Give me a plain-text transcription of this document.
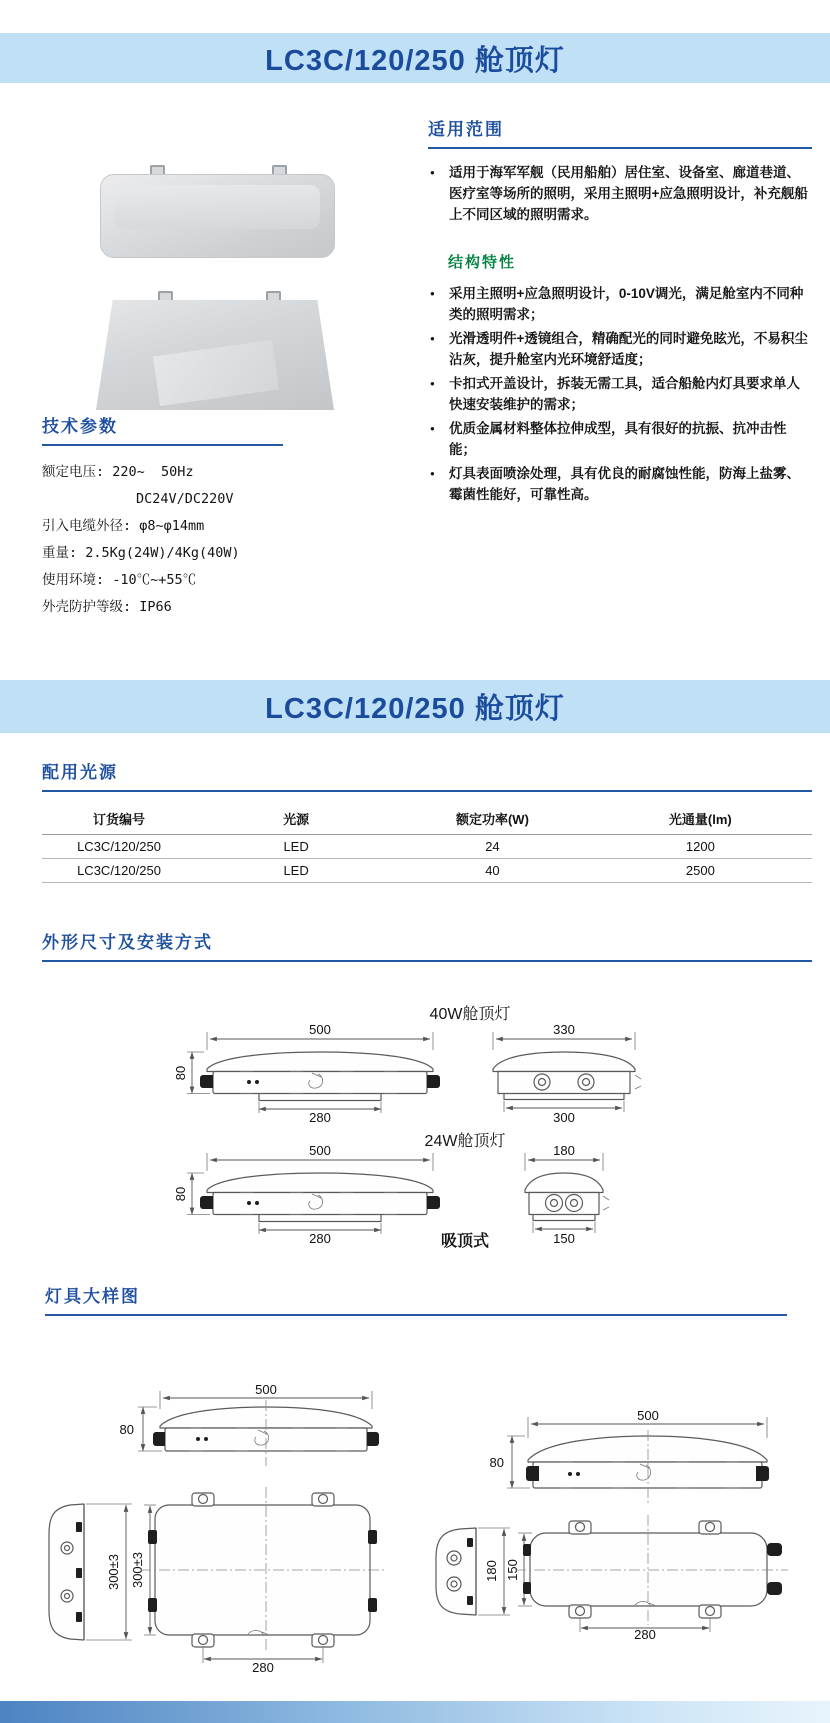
LC3C/120/250 舱顶灯
适用范围
● 适用于海军军舰（民用船舶）居住室、设备室、廊道巷道、医疗室等场所的照明，采用主照明+应急照明设计，补充舰船上不同区域的照明需求。
结构特性
● 采用主照明+应急照明设计，0-10V调光，满足舱室内不同种类的照明需求；
● 光滑透明件+透镜组合，精确配光的同时避免眩光，不易积尘沾灰，提升舱室内光环境舒适度；
● 卡扣式开盖设计，拆装无需工具，适合船舱内灯具要求单人快速安装维护的需求；
● 优质金属材料整体拉伸成型，具有很好的抗振、抗冲击性能；
● 灯具表面喷涂处理，具有优良的耐腐蚀性能，防海上盐雾、霉菌性能好，可靠性高。
技术参数
额定电压: 220~  50Hz
DC24V/DC220V
引入电缆外径: φ8~φ14mm
重量: 2.5Kg(24W)/4Kg(40W)
使用环境: -10℃~+55℃
外壳防护等级: IP66
LC3C/120/250 舱顶灯
配用光源
订货编号	光源	额定功率(W)	光通量(lm)
LC3C/120/250	LED	24	1200
LC3C/120/250	LED	40	2500
外形尺寸及安装方式
40W舱顶灯
500
80
280
330
300
24W舱顶灯
500
80
280
180
150
吸顶式
灯具大样图
500
80
300±3 300±3
280
500
80
180 150
280
